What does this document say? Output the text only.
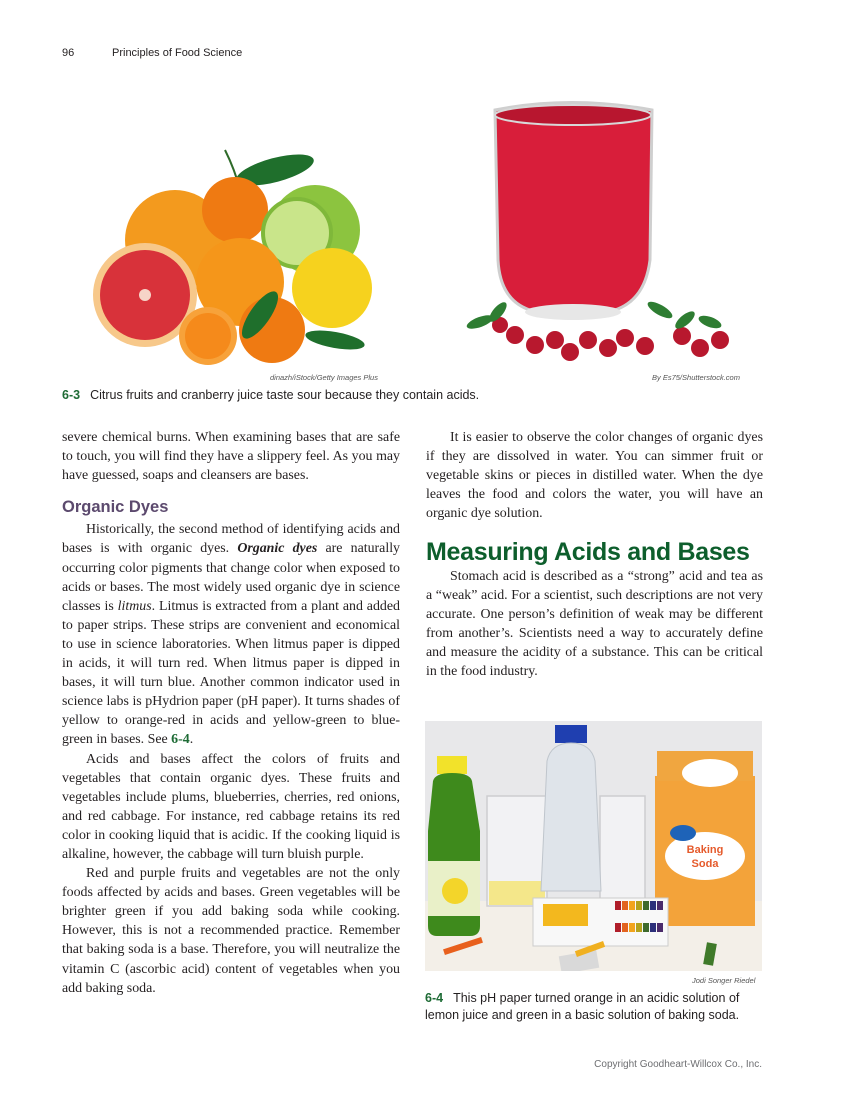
96	Principles of Food Science
dinazh/iStock/Getty Images Plus	By Es75/Shutterstock.com
6-3 Citrus fruits and cranberry juice taste sour because they contain acids.

severe chemical burns. When examining bases that are safe to touch, you will find they have a slippery feel. As you may have guessed, soaps and cleansers are bases.

Organic Dyes

Historically, the second method of identifying acids and bases is with organic dyes. Organic dyes are naturally occurring color pigments that change color when exposed to acids or bases. The most widely used organic dye in science classes is litmus. Litmus is extracted from a plant and added to paper strips. These strips are convenient and economical to use in science laboratories. When litmus paper is dipped in acids, it will turn red. When litmus paper is dipped in bases, it will turn blue. Another common indicator used in science labs is pHydrion paper (pH paper). It turns shades of yellow to orange-red in acids and yellow-green to blue-green in bases. See 6-4.

Acids and bases affect the colors of fruits and vegetables that contain organic dyes. These fruits and vegetables include plums, blueberries, cherries, red onions, and red cabbage. For instance, red cabbage retains its red color in cooking liquid that is acidic. If the cooking liquid is alkaline, however, the cabbage will turn bluish purple.

Red and purple fruits and vegetables are not the only foods affected by acids and bases. Green vegetables will be brighter green if you add baking soda while cooking. However, this is not a recommended practice. Remember that baking soda is a base. Therefore, you will neutralize the vitamin C (ascorbic acid) content of vegetables when you add baking soda.

It is easier to observe the color changes of organic dyes if they are dissolved in water. You can simmer fruit or vegetable skins or pieces in distilled water. When the dye leaves the food and colors the water, you will have an organic dye solution.

Measuring Acids and Bases

Stomach acid is described as a “strong” acid and tea as a “weak” acid. For a scientist, such descriptions are not very accurate. One person’s definition of weak may be different from another’s. Scientists need a way to accurately define and measure the acidity of a substance. This can be critical in the food industry.

Baking
Soda
Jodi Songer Riedel
6-4 This pH paper turned orange in an acidic solution of lemon juice and green in a basic solution of baking soda.
Copyright Goodheart-Willcox Co., Inc.
